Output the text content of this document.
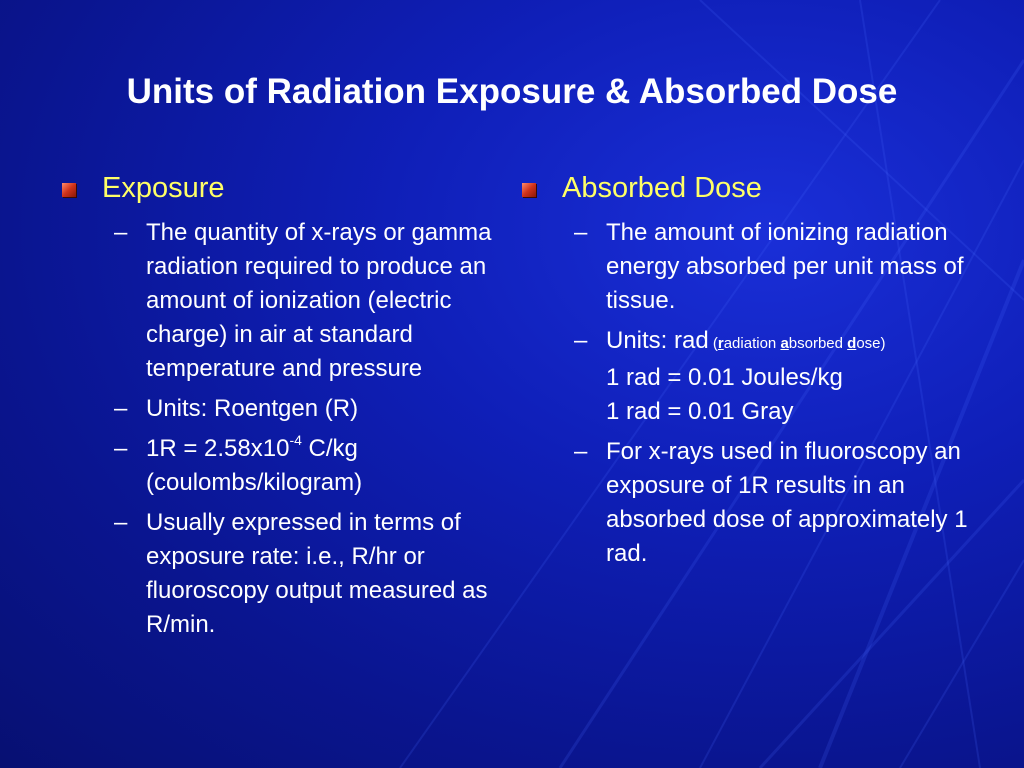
Units of Radiation Exposure & Absorbed Dose
Exposure
– The quantity of x-rays or gamma radiation required to produce an amount of ionization (electric charge) in air at standard temperature and pressure
– Units: Roentgen (R)
– $1R = 2.58x10^{-4}$ C/kg (coulombs/kilogram)
– Usually expressed in terms of exposure rate: i.e., R/hr or fluoroscopy output measured as R/min.
Absorbed Dose
– The amount of ionizing radiation energy absorbed per unit mass of tissue.
– Units: rad (radiation absorbed dose)
1 rad = 0.01 Joules/kg
1 rad = 0.01 Gray
– For x-rays used in fluoroscopy an exposure of 1R results in an absorbed dose of approximately 1 rad.
